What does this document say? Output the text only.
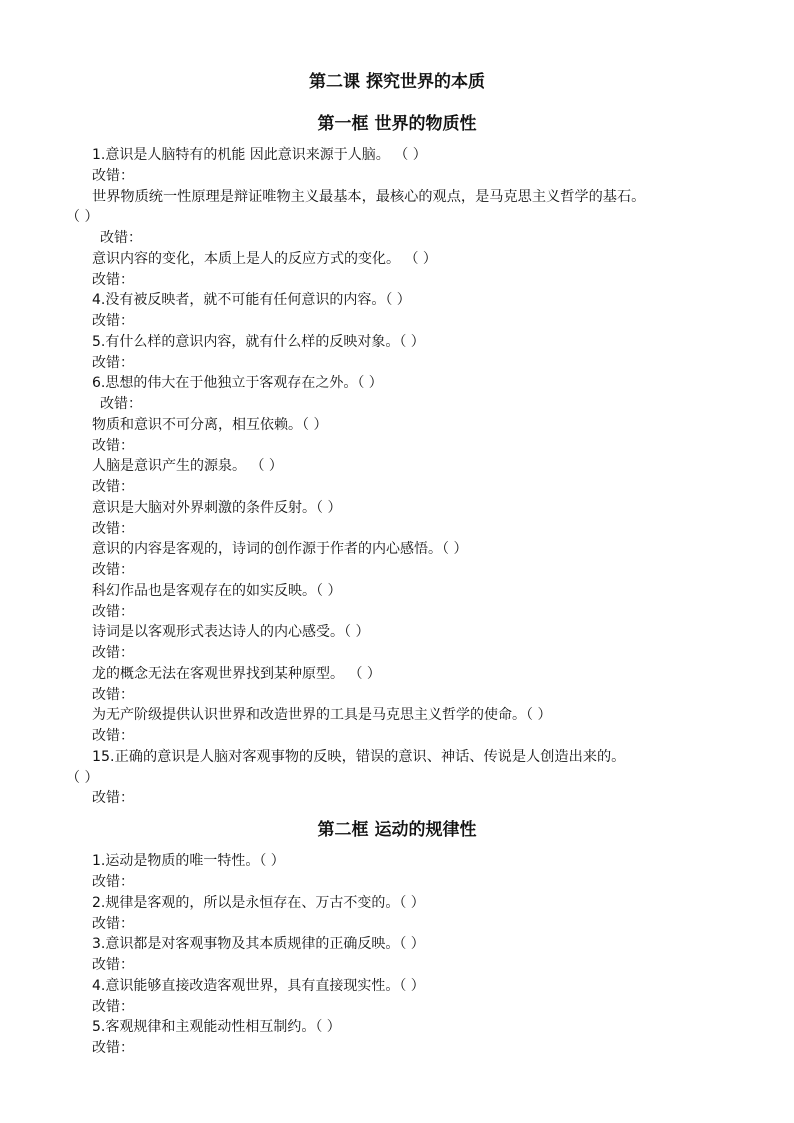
第二课 探究世界的本质
第一框 世界的物质性
1.意识是人脑特有的机能 因此意识来源于人脑。 （ ）
改错：
世界物质统一性原理是辩证唯物主义最基本，最核心的观点，是马克思主义哲学的基石。
（ ）
改错：
意识内容的变化，本质上是人的反应方式的变化。 （ ）
改错：
4.没有被反映者，就不可能有任何意识的内容。（ ）
改错：
5.有什么样的意识内容，就有什么样的反映对象。（ ）
改错：
6.思想的伟大在于他独立于客观存在之外。（ ）
改错：
物质和意识不可分离，相互依赖。（ ）
改错：
人脑是意识产生的源泉。 （ ）
改错：
意识是大脑对外界刺激的条件反射。（ ）
改错：
意识的内容是客观的，诗词的创作源于作者的内心感悟。（ ）
改错：
科幻作品也是客观存在的如实反映。（ ）
改错：
诗词是以客观形式表达诗人的内心感受。（ ）
改错：
龙的概念无法在客观世界找到某种原型。 （ ）
改错：
为无产阶级提供认识世界和改造世界的工具是马克思主义哲学的使命。（ ）
改错：
15.正确的意识是人脑对客观事物的反映，错误的意识、神话、传说是人创造出来的。
（ ）
改错：
第二框 运动的规律性
1.运动是物质的唯一特性。（ ）
改错：
2.规律是客观的，所以是永恒存在、万古不变的。（ ）
改错：
3.意识都是对客观事物及其本质规律的正确反映。（ ）
改错：
4.意识能够直接改造客观世界，具有直接现实性。（ ）
改错：
5.客观规律和主观能动性相互制约。（ ）
改错：
